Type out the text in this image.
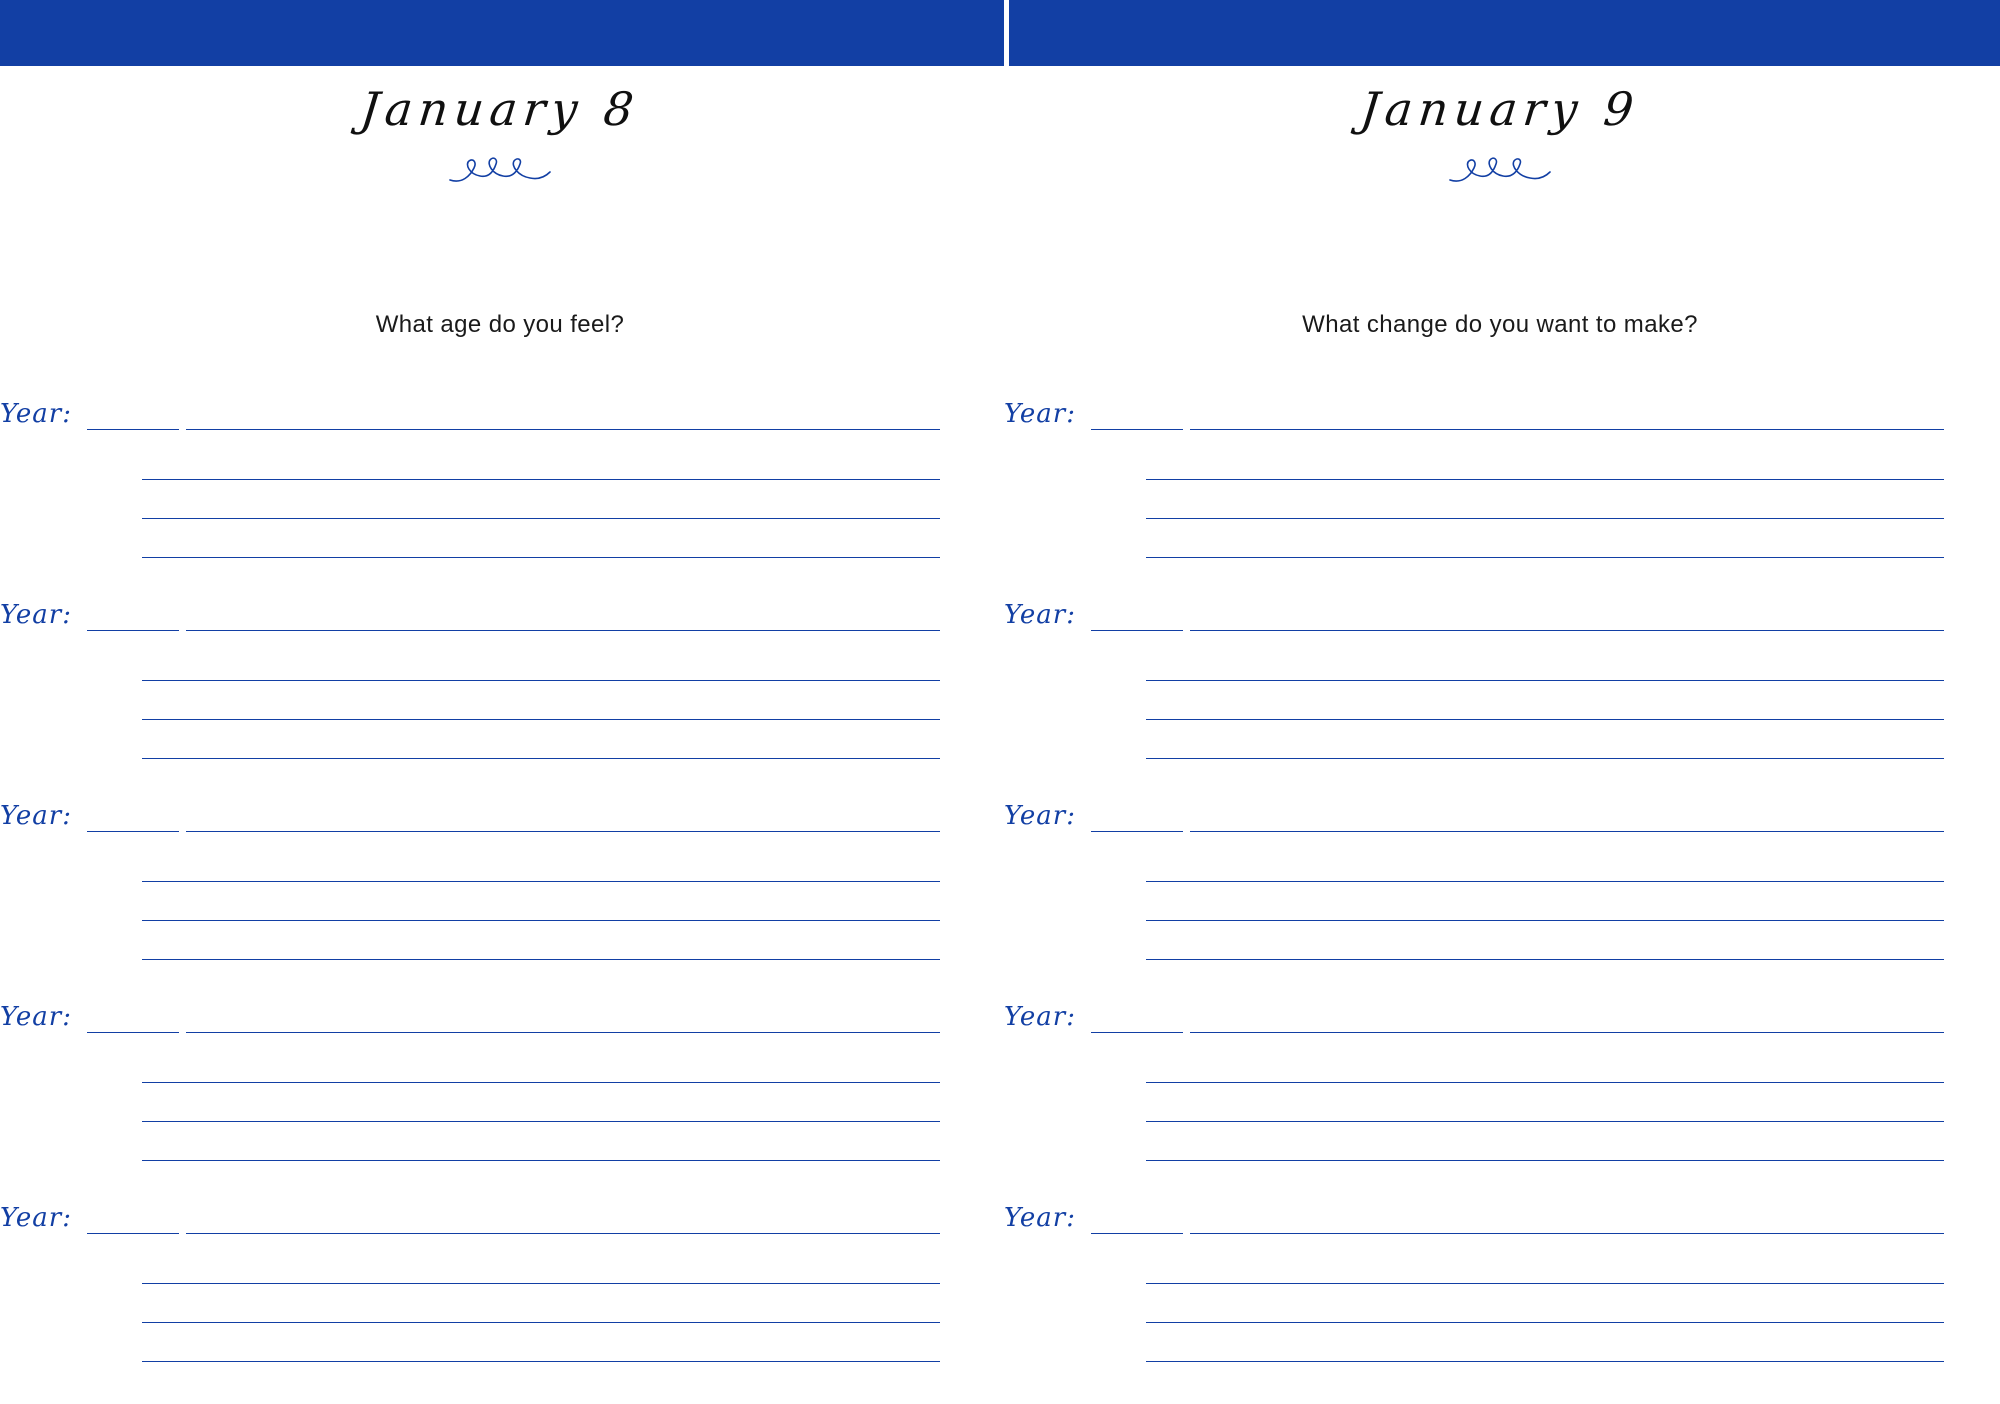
January 8
What age do you feel?
Year:
Year:
Year:
Year:
Year:
January 9
What change do you want to make?
Year:
Year:
Year:
Year:
Year:
